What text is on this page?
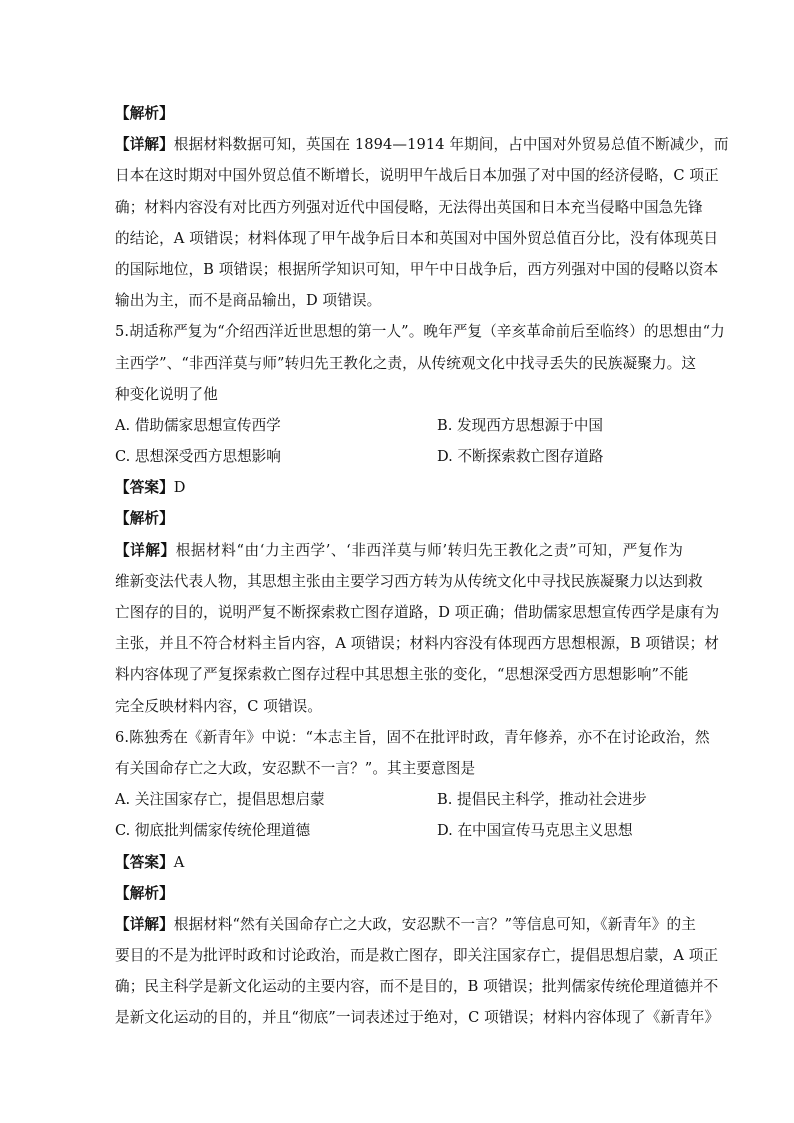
【解析】
【详解】根据材料数据可知，英国在 1894—1914 年期间，占中国对外贸易总值不断减少，而
日本在这时期对中国外贸总值不断增长，说明甲午战后日本加强了对中国的经济侵略，C 项正
确；材料内容没有对比西方列强对近代中国侵略，无法得出英国和日本充当侵略中国急先锋
的结论，A 项错误；材料体现了甲午战争后日本和英国对中国外贸总值百分比，没有体现英日
的国际地位，B 项错误；根据所学知识可知，甲午中日战争后，西方列强对中国的侵略以资本
输出为主，而不是商品输出，D 项错误。
5.胡适称严复为“介绍西洋近世思想的第一人”。晚年严复（辛亥革命前后至临终）的思想由“力
主西学”、“非西洋莫与师”转归先王教化之责，从传统观文化中找寻丢失的民族凝聚力。这
种变化说明了他
A. 借助儒家思想宣传西学	B. 发现西方思想源于中国
C. 思想深受西方思想影响	D. 不断探索救亡图存道路
【答案】D
【解析】
【详解】根据材料“由‘力主西学’、‘非西洋莫与师’转归先王教化之责”可知，严复作为
维新变法代表人物，其思想主张由主要学习西方转为从传统文化中寻找民族凝聚力以达到救
亡图存的目的，说明严复不断探索救亡图存道路，D 项正确；借助儒家思想宣传西学是康有为
主张，并且不符合材料主旨内容，A 项错误；材料内容没有体现西方思想根源，B 项错误；材
料内容体现了严复探索救亡图存过程中其思想主张的变化，“思想深受西方思想影响”不能
完全反映材料内容，C 项错误。
6.陈独秀在《新青年》中说：“本志主旨，固不在批评时政，青年修养，亦不在讨论政治，然
有关国命存亡之大政，安忍默不一言？”。其主要意图是
A. 关注国家存亡，提倡思想启蒙	B. 提倡民主科学，推动社会进步
C. 彻底批判儒家传统伦理道德	D. 在中国宣传马克思主义思想
【答案】A
【解析】
【详解】根据材料“然有关国命存亡之大政，安忍默不一言？”等信息可知，《新青年》的主
要目的不是为批评时政和讨论政治，而是救亡图存，即关注国家存亡，提倡思想启蒙，A 项正
确；民主科学是新文化运动的主要内容，而不是目的，B 项错误；批判儒家传统伦理道德并不
是新文化运动的目的，并且“彻底”一词表述过于绝对，C 项错误；材料内容体现了《新青年》
